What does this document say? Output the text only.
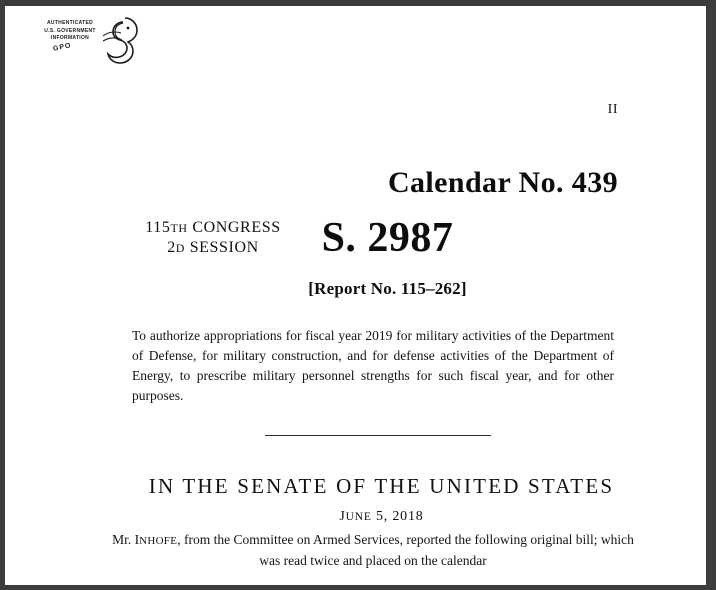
AUTHENTICATED
U.S. GOVERNMENT
INFORMATION
GPO
II
Calendar No. 439
115TH CONGRESS
2D SESSION	S. 2987
[Report No. 115–262]
To authorize appropriations for fiscal year 2019 for military activities of the Department of Defense, for military construction, and for defense activities of the Department of Energy, to prescribe military personnel strengths for such fiscal year, and for other purposes.
IN THE SENATE OF THE UNITED STATES
JUNE 5, 2018
Mr. INHOFE, from the Committee on Armed Services, reported the following original bill; which was read twice and placed on the calendar
